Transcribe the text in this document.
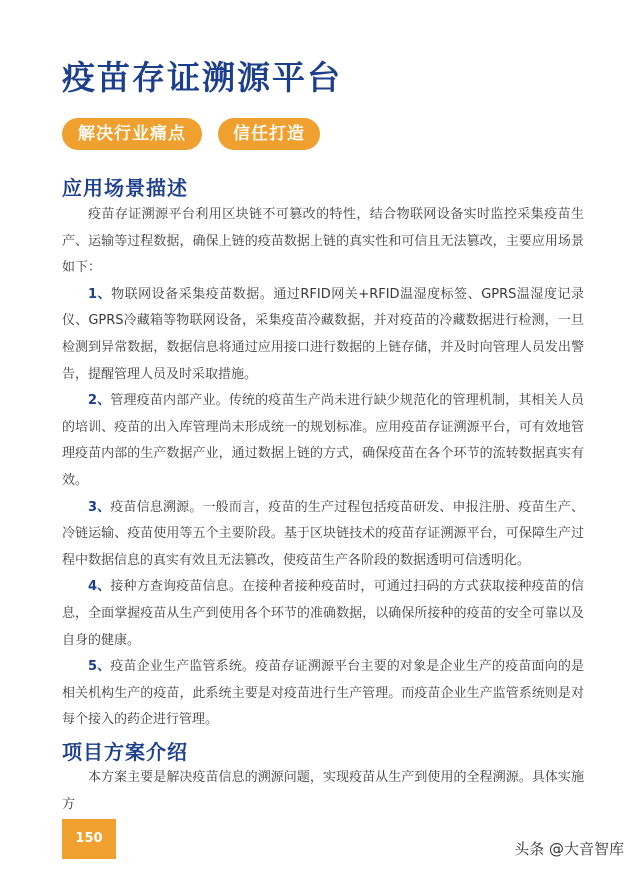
疫苗存证溯源平台
解决行业痛点	信任打造
应用场景描述

疫苗存证溯源平台利用区块链不可篡改的特性，结合物联网设备实时监控采集疫苗生产、运输等过程数据，确保上链的疫苗数据上链的真实性和可信且无法篡改，主要应用场景如下：

1、物联网设备采集疫苗数据。通过RFID网关+RFID温湿度标签、GPRS温湿度记录仪、GPRS冷藏箱等物联网设备，采集疫苗冷藏数据，并对疫苗的冷藏数据进行检测，一旦检测到异常数据，数据信息将通过应用接口进行数据的上链存储，并及时向管理人员发出警告，提醒管理人员及时采取措施。

2、管理疫苗内部产业。传统的疫苗生产尚未进行缺少规范化的管理机制，其相关人员的培训、疫苗的出入库管理尚未形成统一的规划标准。应用疫苗存证溯源平台，可有效地管理疫苗内部的生产数据产业，通过数据上链的方式，确保疫苗在各个环节的流转数据真实有效。

3、疫苗信息溯源。一般而言，疫苗的生产过程包括疫苗研发、申报注册、疫苗生产、冷链运输、疫苗使用等五个主要阶段。基于区块链技术的疫苗存证溯源平台，可保障生产过程中数据信息的真实有效且无法篡改，使疫苗生产各阶段的数据透明可信透明化。

4、接种方查询疫苗信息。在接种者接种疫苗时，可通过扫码的方式获取接种疫苗的信息，全面掌握疫苗从生产到使用各个环节的准确数据，以确保所接种的疫苗的安全可靠以及自身的健康。

5、疫苗企业生产监管系统。疫苗存证溯源平台主要的对象是企业生产的疫苗面向的是相关机构生产的疫苗，此系统主要是对疫苗进行生产管理。而疫苗企业生产监管系统则是对每个接入的药企进行管理。

项目方案介绍

本方案主要是解决疫苗信息的溯源问题，实现疫苗从生产到使用的全程溯源。具体实施方

150
头条 @大音智库
